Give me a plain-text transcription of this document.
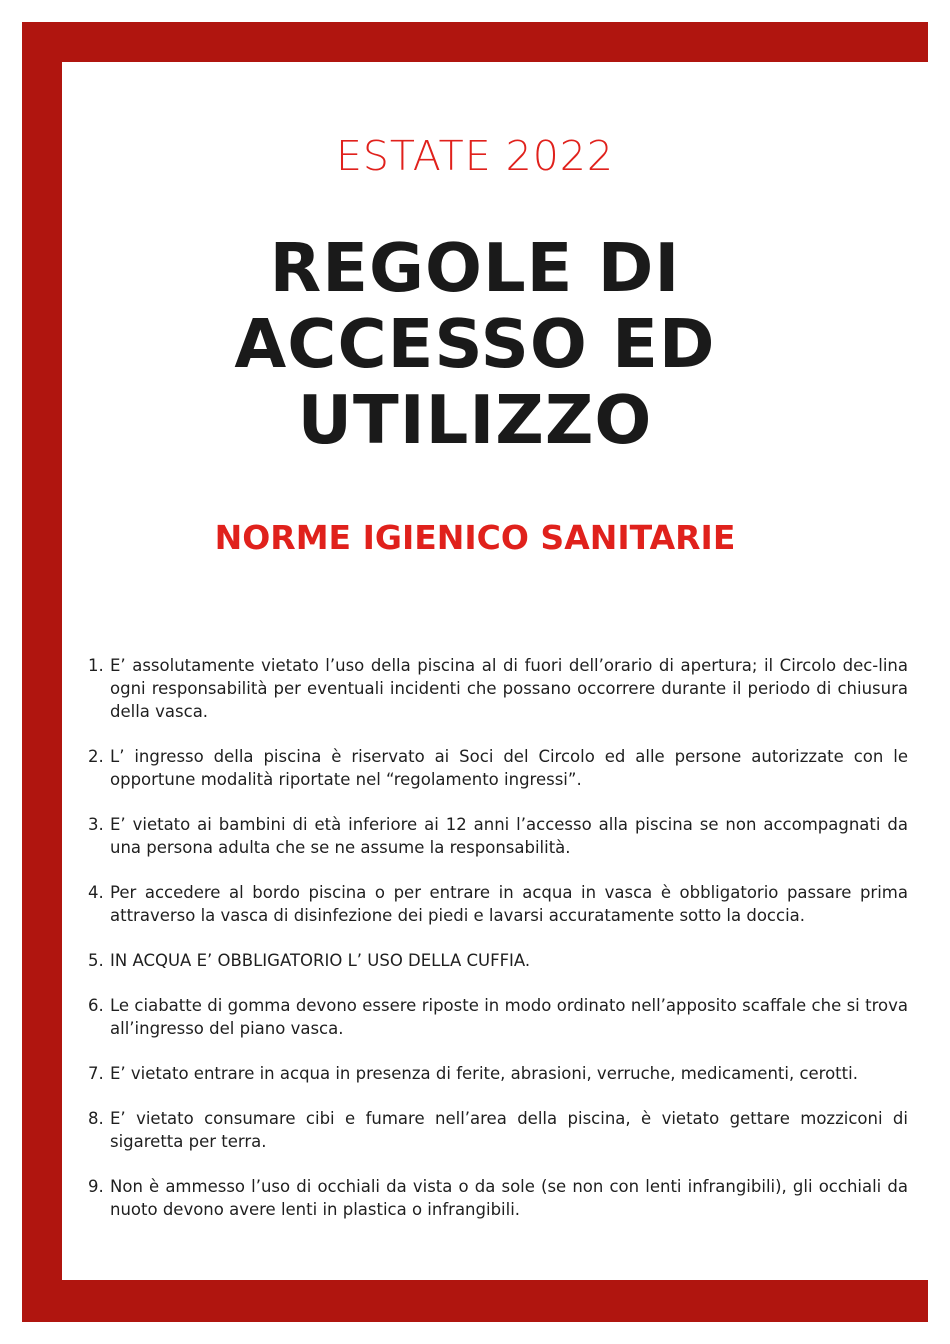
ESTATE 2022

REGOLE DI
ACCESSO ED
UTILIZZO
NORME IGIENICO SANITARIE
1. E’ assolutamente vietato l’uso della piscina al di fuori dell’orario di apertura; il Circolo dec-lina ogni responsabilità per eventuali incidenti che possano occorrere durante il periodo di chiusura della vasca.
2. L’ ingresso della piscina è riservato ai Soci del Circolo ed alle persone autorizzate con le opportune modalità riportate nel “regolamento ingressi”.
3. E’ vietato ai bambini di età inferiore ai 12 anni l’accesso alla piscina se non accompagnati da una persona adulta che se ne assume la responsabilità.
4. Per accedere al bordo piscina o per entrare in acqua in vasca è obbligatorio passare prima attraverso la vasca di disinfezione dei piedi e lavarsi accuratamente sotto la doccia.
5. IN ACQUA E’ OBBLIGATORIO L’ USO DELLA CUFFIA.
6. Le ciabatte di gomma devono essere riposte in modo ordinato nell’apposito scaffale che si trova all’ingresso del piano vasca.
7. E’ vietato entrare in acqua in presenza di ferite, abrasioni, verruche, medicamenti, cerotti.
8. E’ vietato consumare cibi e fumare nell’area della piscina, è vietato gettare mozziconi di sigaretta per terra.
9. Non è ammesso l’uso di occhiali da vista o da sole (se non con lenti infrangibili), gli occhiali da nuoto devono avere lenti in plastica o infrangibili.
